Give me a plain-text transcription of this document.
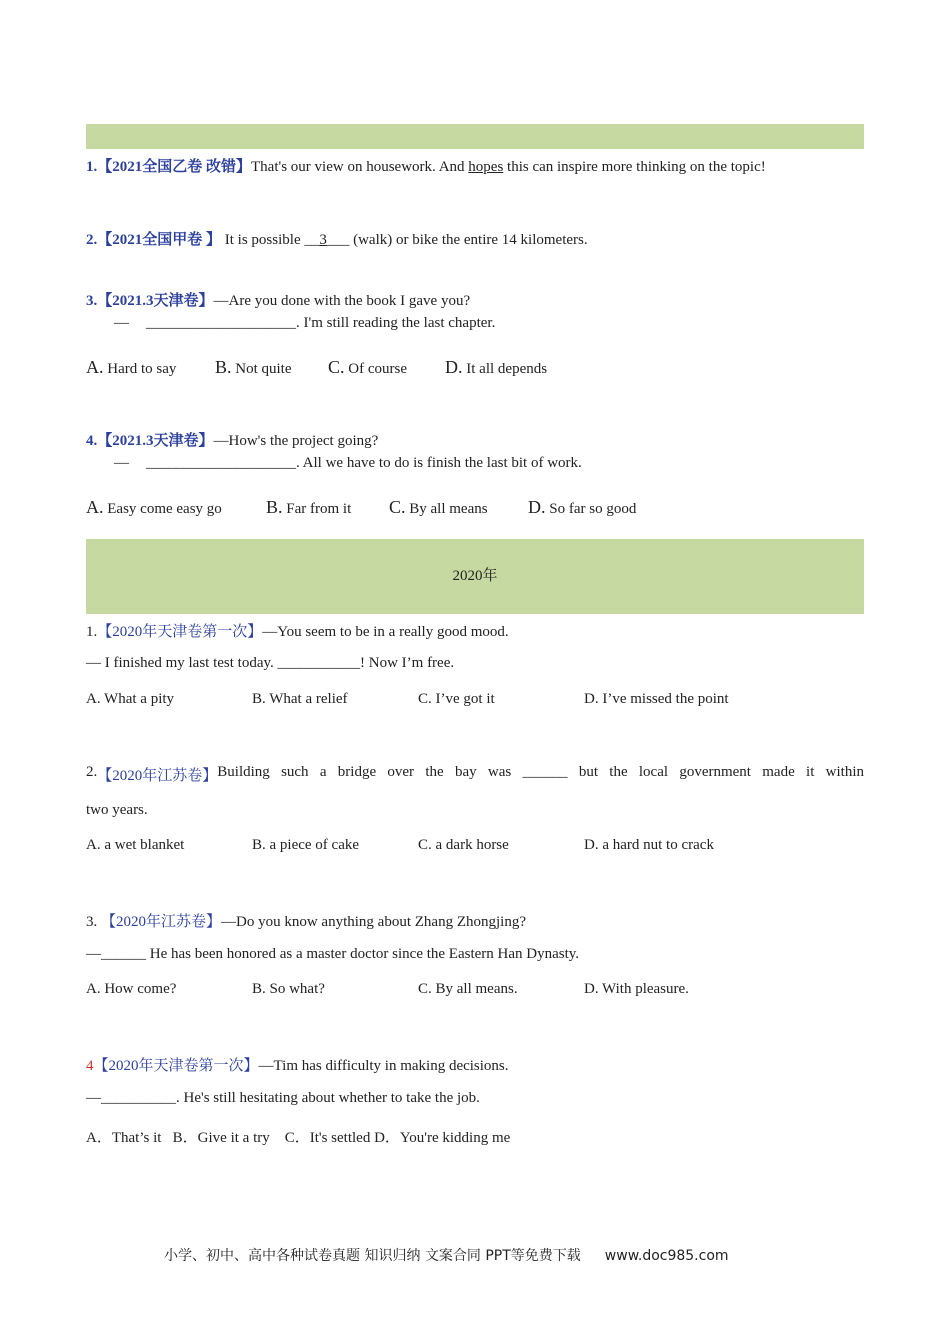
1.【2021全国乙卷 改错】That's our view on housework. And hopes this can inspire more thinking on the topic!
2.【2021全国甲卷 】 It is possible __3___ (walk) or bike the entire 14 kilometers.
3.【2021.3天津卷】—Are you done with the book I gave you?
— ____________________. I'm still reading the last chapter.
A. Hard to say B. Not quite C. Of course D. It all depends
4.【2021.3天津卷】—How's the project going?
— ____________________. All we have to do is finish the last bit of work.
A. Easy come easy go B. Far from it C. By all means D. So far so good
2020年
1.【2020年天津卷第一次】—You seem to be in a really good mood.
— I finished my last test today. ___________! Now I’m free.
A. What a pity	B. What a relief	C. I’ve got it	D. I’ve missed the point
2. 【2020年江苏卷】 Building such a bridge over the bay was ______ but the local government made it within
two years.
A. a wet blanket	B. a piece of cake	C. a dark horse	D. a hard nut to crack
3. 【2020年江苏卷】—Do you know anything about Zhang Zhongjing?
—______ He has been honored as a master doctor since the Eastern Han Dynasty.
A. How come?	B. So what?	C. By all means.	D. With pleasure.
4【2020年天津卷第一次】—Tim has difficulty in making decisions.
—__________. He's still hesitating about whether to take the job.
A．That’s it   B．Give it a try    C．It's settled D．You're kidding me
小学、初中、高中各种试卷真题 知识归纳 文案合同 PPT等免费下载 www.doc985.com
